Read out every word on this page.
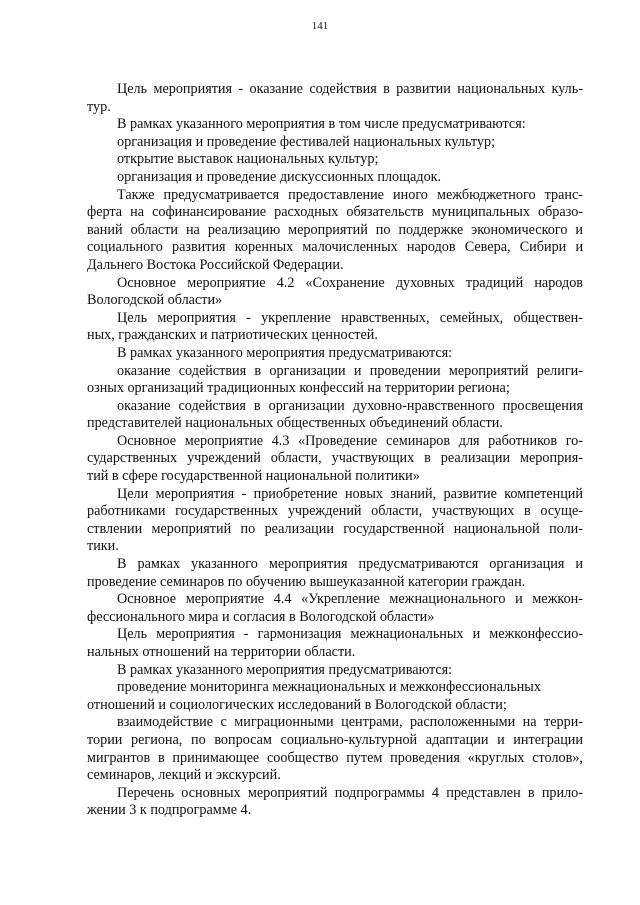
141
Цель мероприятия - оказание содействия в развитии национальных куль-
тур.
В рамках указанного мероприятия в том числе предусматриваются:
организация и проведение фестивалей национальных культур;
открытие выставок национальных культур;
организация и проведение дискуссионных площадок.
Также предусматривается предоставление иного межбюджетного транс-
ферта на софинансирование расходных обязательств муниципальных образо-
ваний области на реализацию мероприятий по поддержке экономического и
социального развития коренных малочисленных народов Севера, Сибири и
Дальнего Востока Российской Федерации.
Основное мероприятие 4.2 «Сохранение духовных традиций народов
Вологодской области»
Цель мероприятия - укрепление нравственных, семейных, обществен-
ных, гражданских и патриотических ценностей.
В рамках указанного мероприятия предусматриваются:
оказание содействия в организации и проведении мероприятий религи-
озных организаций традиционных конфессий на территории региона;
оказание содействия в организации духовно-нравственного просвещения
представителей национальных общественных объединений области.
Основное мероприятие 4.3 «Проведение семинаров для работников го-
сударственных учреждений области, участвующих в реализации мероприя-
тий в сфере государственной национальной политики»
Цели мероприятия - приобретение новых знаний, развитие компетенций
работниками государственных учреждений области, участвующих в осуще-
ствлении мероприятий по реализации государственной национальной поли-
тики.
В рамках указанного мероприятия предусматриваются организация и
проведение семинаров по обучению вышеуказанной категории граждан.
Основное мероприятие 4.4 «Укрепление межнационального и межкон-
фессионального мира и согласия в Вологодской области»
Цель мероприятия - гармонизация межнациональных и межконфессио-
нальных отношений на территории области.
В рамках указанного мероприятия предусматриваются:
проведение мониторинга межнациональных и межконфессиональных
отношений и социологических исследований в Вологодской области;
взаимодействие с миграционными центрами, расположенными на терри-
тории региона, по вопросам социально-культурной адаптации и интеграции
мигрантов в принимающее сообщество путем проведения «круглых столов»,
семинаров, лекций и экскурсий.
Перечень основных мероприятий подпрограммы 4 представлен в прило-
жении 3 к подпрограмме 4.
